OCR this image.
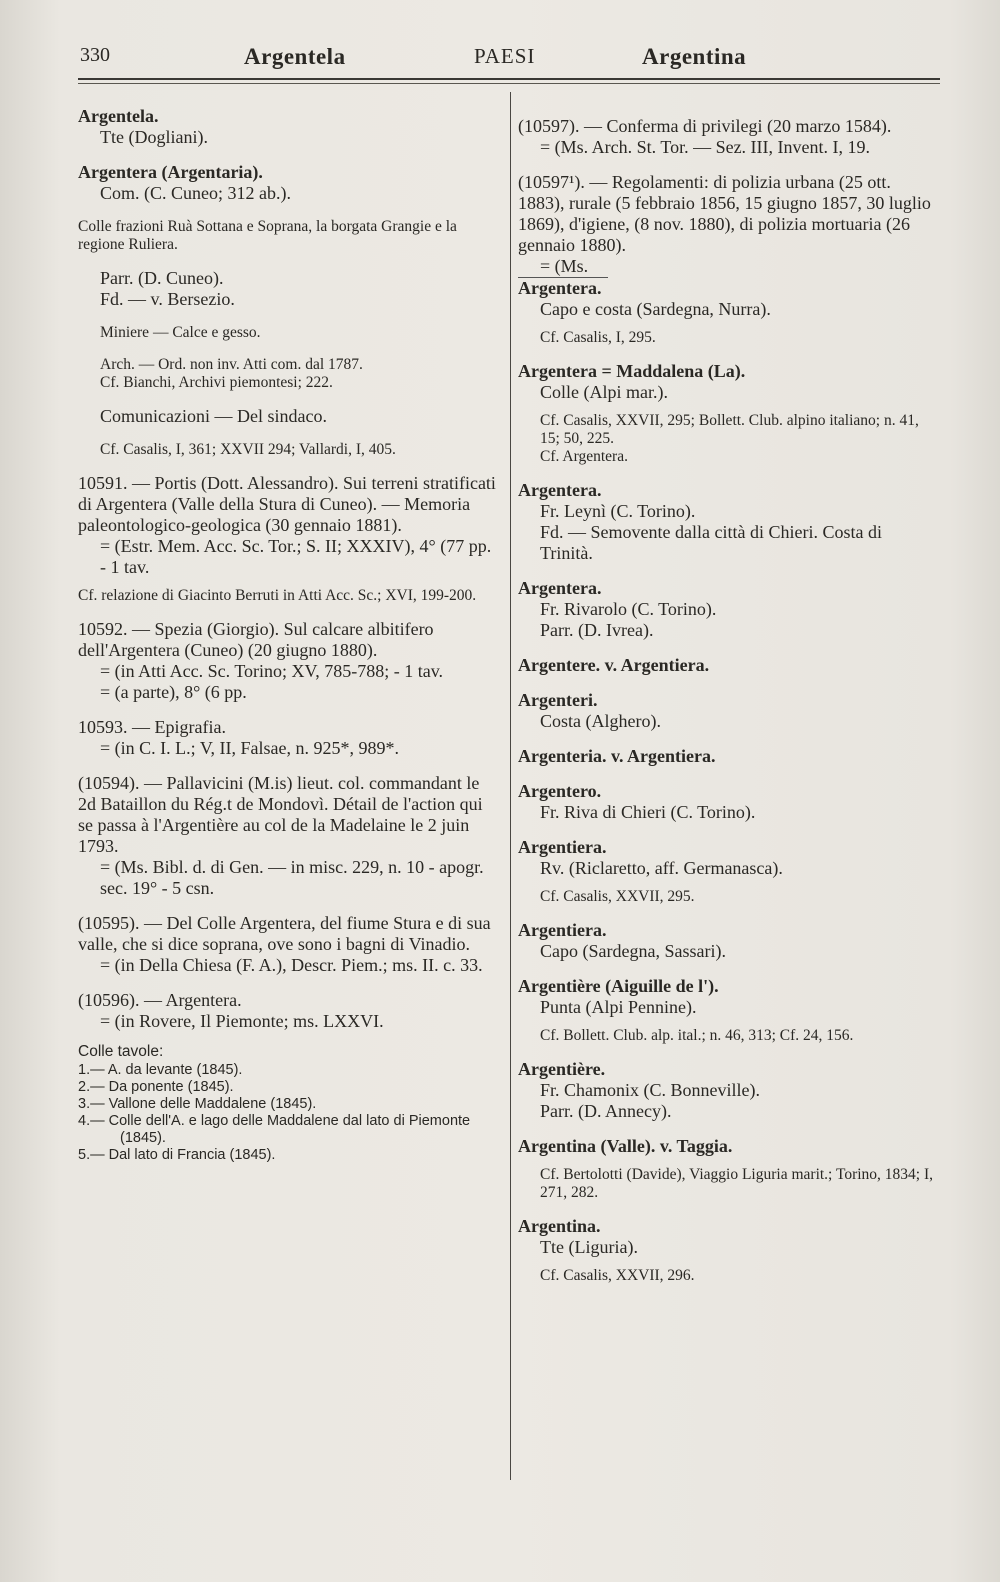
330	Argentela	PAESI	Argentina
Argentela.
Tte (Dogliani).
Argentera (Argentaria).
Com. (C. Cuneo; 312 ab.).
Colle frazioni Ruà Sottana e Soprana, la borgata Grangie e la regione Ruliera.
Parr. (D. Cuneo).
Fd. — v. Bersezio.
Miniere — Calce e gesso.
Arch. — Ord. non inv. Atti com. dal 1787.
Cf. Bianchi, Archivi piemontesi; 222.
Comunicazioni — Del sindaco.
Cf. Casalis, I, 361; XXVII 294; Vallardi, I, 405.
10591. — Portis (Dott. Alessandro). Sui terreni stratificati di Argentera (Valle della Stura di Cuneo). — Memoria paleontologico-geologica (30 gennaio 1881).
= (Estr. Mem. Acc. Sc. Tor.; S. II; XXXIV), 4° (77 pp. - 1 tav.
Cf. relazione di Giacinto Berruti in Atti Acc. Sc.; XVI, 199-200.
10592. — Spezia (Giorgio). Sul calcare albitifero dell'Argentera (Cuneo) (20 giugno 1880).
= (in Atti Acc. Sc. Torino; XV, 785-788; - 1 tav.
= (a parte), 8° (6 pp.
10593. — Epigrafia.
= (in C. I. L.; V, II, Falsae, n. 925*, 989*.
(10594). — Pallavicini (M.is) lieut. col. commandant le 2d Bataillon du Rég.t de Mondovì. Détail de l'action qui se passa à l'Argentière au col de la Madelaine le 2 juin 1793.
= (Ms. Bibl. d. di Gen. — in misc. 229, n. 10 - apogr. sec. 19° - 5 csn.
(10595). — Del Colle Argentera, del fiume Stura e di sua valle, che si dice soprana, ove sono i bagni di Vinadio.
= (in Della Chiesa (F. A.), Descr. Piem.; ms. II. c. 33.
(10596). — Argentera.
= (in Rovere, Il Piemonte; ms. LXXVI.
Colle tavole:
1.— A. da levante (1845).
2.— Da ponente (1845).
3.— Vallone delle Maddalene (1845).
4.— Colle dell'A. e lago delle Maddalene dal lato di Piemonte (1845).
5.— Dal lato di Francia (1845).
(10597). — Conferma di privilegi (20 marzo 1584).
= (Ms. Arch. St. Tor. — Sez. III, Invent. I, 19.
(10597¹). — Regolamenti: di polizia urbana (25 ott. 1883), rurale (5 febbraio 1856, 15 giugno 1857, 30 luglio 1869), d'igiene, (8 nov. 1880), di polizia mortuaria (26 gennaio 1880).
= (Ms.
Argentera.
Capo e costa (Sardegna, Nurra).
Cf. Casalis, I, 295.
Argentera = Maddalena (La).
Colle (Alpi mar.).
Cf. Casalis, XXVII, 295; Bollett. Club. alpino italiano; n. 41, 15; 50, 225.
Cf. Argentera.
Argentera.
Fr. Leynì (C. Torino).
Fd. — Semovente dalla città di Chieri. Costa di Trinità.
Argentera.
Fr. Rivarolo (C. Torino).
Parr. (D. Ivrea).
Argentere. v. Argentiera.
Argenteri.
Costa (Alghero).
Argenteria. v. Argentiera.
Argentero.
Fr. Riva di Chieri (C. Torino).
Argentiera.
Rv. (Riclaretto, aff. Germanasca).
Cf. Casalis, XXVII, 295.
Argentiera.
Capo (Sardegna, Sassari).
Argentière (Aiguille de l').
Punta (Alpi Pennine).
Cf. Bollett. Club. alp. ital.; n. 46, 313; Cf. 24, 156.
Argentière.
Fr. Chamonix (C. Bonneville).
Parr. (D. Annecy).
Argentina (Valle). v. Taggia.
Cf. Bertolotti (Davide), Viaggio Liguria marit.; Torino, 1834; I, 271, 282.
Argentina.
Tte (Liguria).
Cf. Casalis, XXVII, 296.
